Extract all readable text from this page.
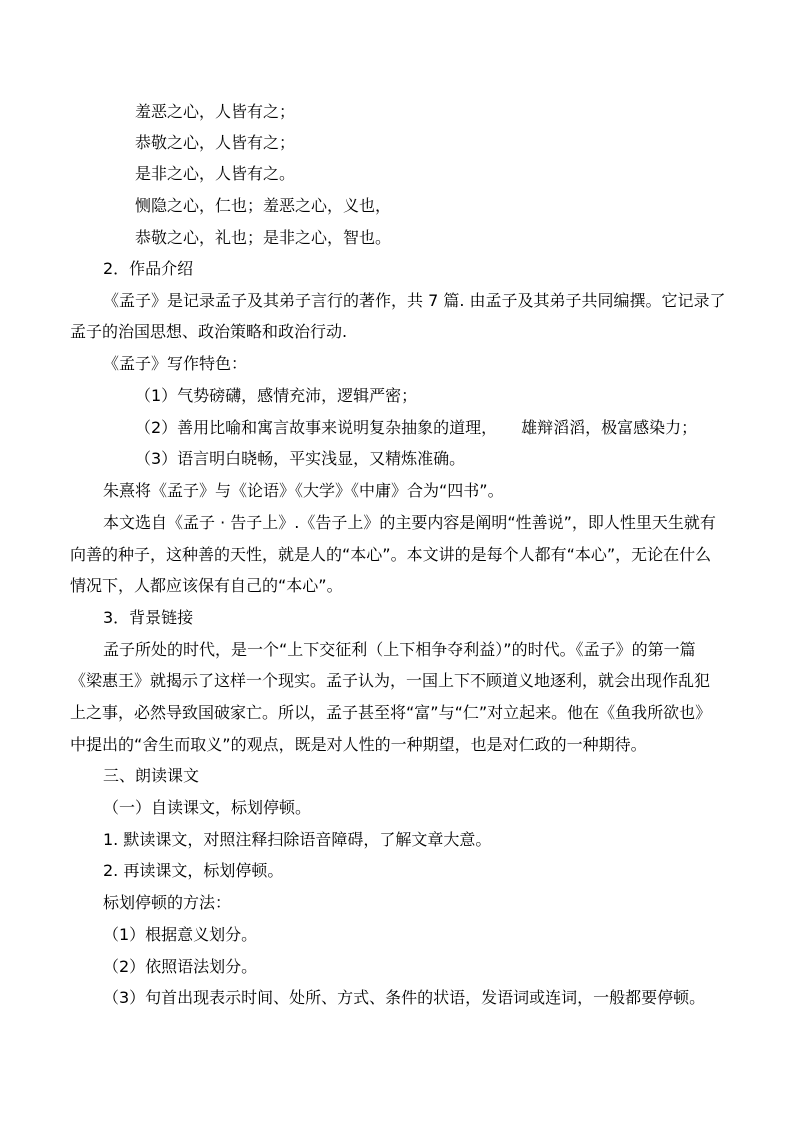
羞恶之心，人皆有之；
恭敬之心，人皆有之；
是非之心，人皆有之。
恻隐之心，仁也；羞恶之心，义也，
恭敬之心，礼也；是非之心，智也。
2．作品介绍
《孟子》是记录孟子及其弟子言行的著作，共 7 篇. 由孟子及其弟子共同编撰。它记录了
孟子的治国思想、政治策略和政治行动.
《孟子》写作特色：
（1）气势磅礴，感情充沛，逻辑严密；
（2）善用比喻和寓言故事来说明复杂抽象的道理，　　雄辩滔滔，极富感染力；
（3）语言明白晓畅，平实浅显，又精炼准确。
朱熹将《孟子》与《论语》《大学》《中庸》合为“四书”。
本文选自《孟子 · 告子上》.《告子上》的主要内容是阐明“性善说”，即人性里天生就有
向善的种子，这种善的天性，就是人的“本心”。本文讲的是每个人都有“本心”，无论在什么
情况下，人都应该保有自己的“本心”。
3．背景链接
孟子所处的时代，是一个“上下交征利（上下相争夺利益）”的时代。《孟子》的第一篇
《梁惠王》就揭示了这样一个现实。孟子认为，一国上下不顾道义地逐利，就会出现作乱犯
上之事，必然导致国破家亡。所以，孟子甚至将“富”与“仁”对立起来。他在《鱼我所欲也》
中提出的“舍生而取义”的观点，既是对人性的一种期望，也是对仁政的一种期待。
三、朗读课文
（一）自读课文，标划停顿。
1. 默读课文，对照注释扫除语音障碍，了解文章大意。
2. 再读课文，标划停顿。
标划停顿的方法：
（1）根据意义划分。
（2）依照语法划分。
（3）句首出现表示时间、处所、方式、条件的状语，发语词或连词，一般都要停顿。
